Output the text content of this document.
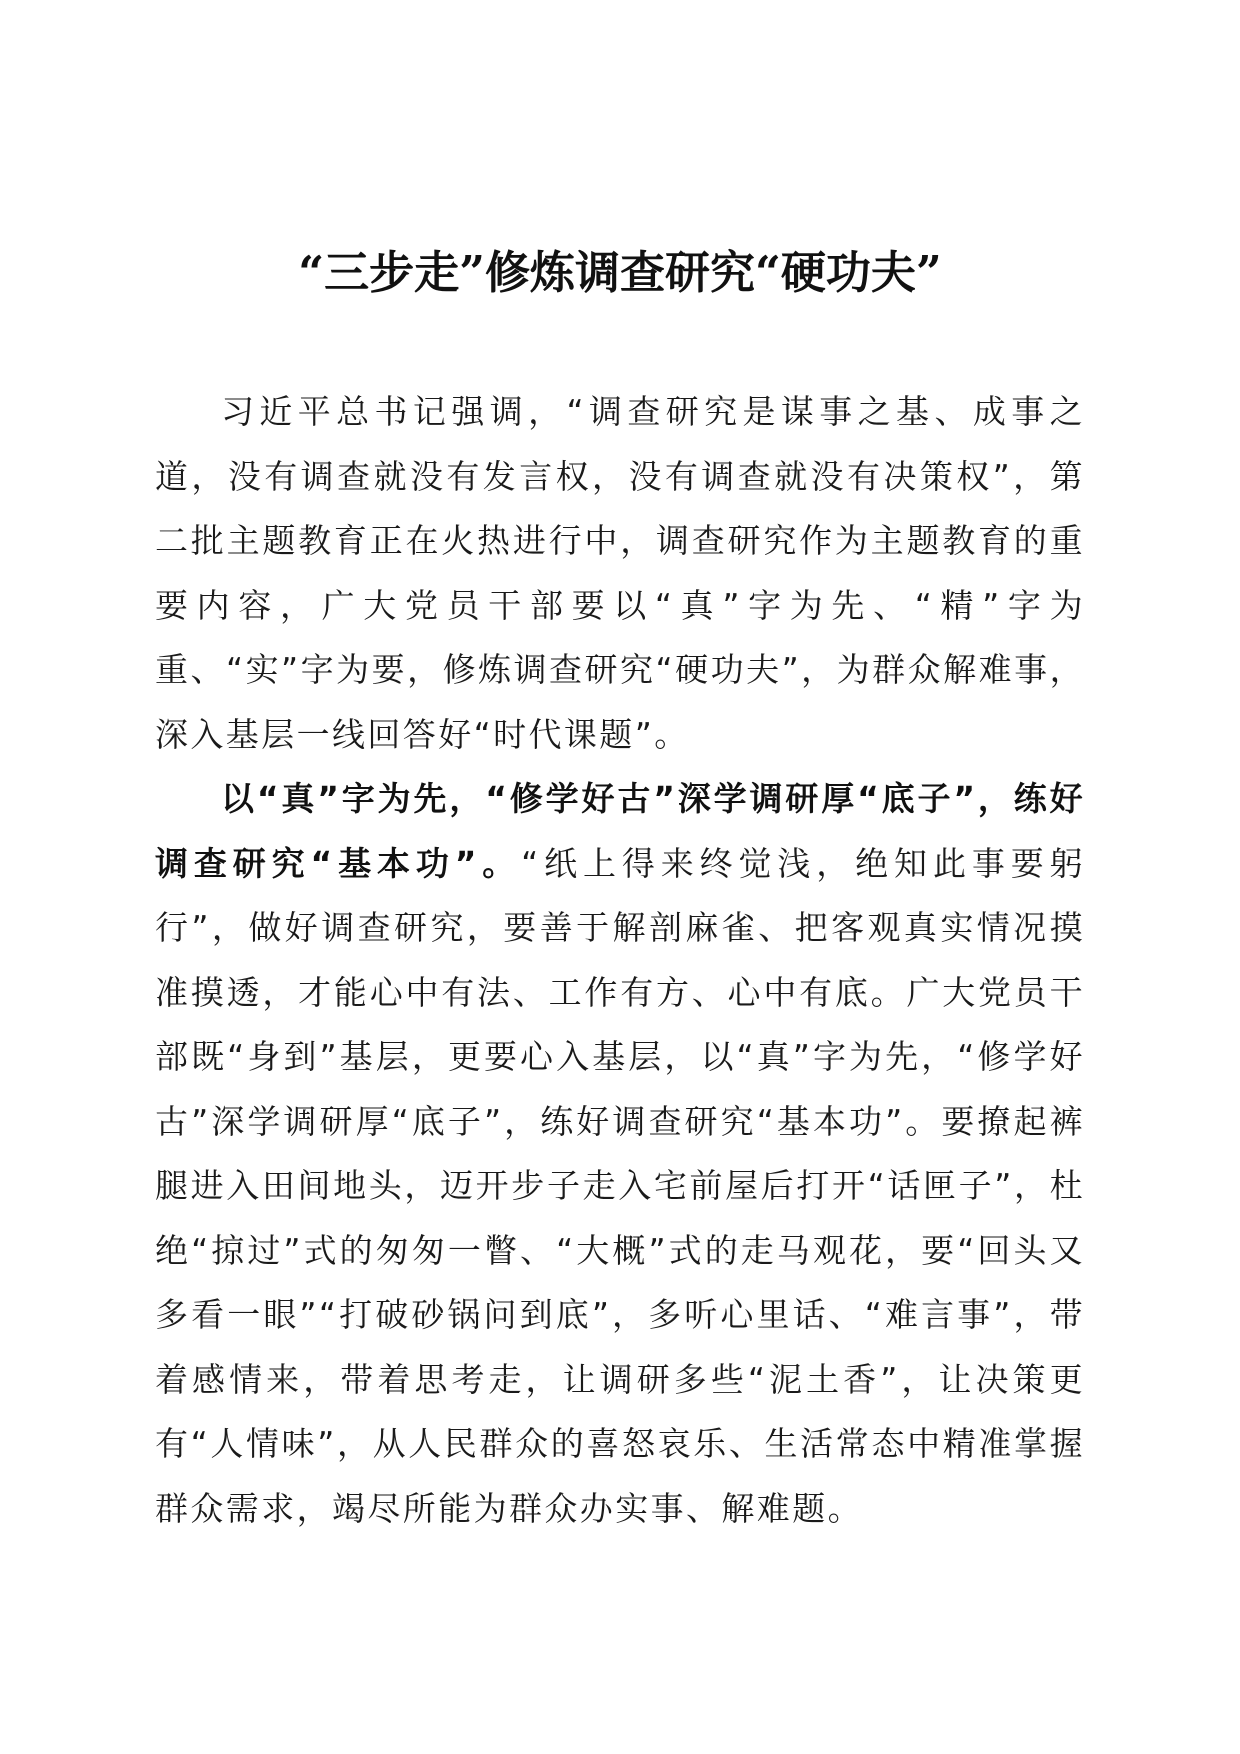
“三步走”修炼调查研究“硬功夫”

习近平总书记强调，“调查研究是谋事之基、成事之道，没有调查就没有发言权，没有调查就没有决策权”，第二批主题教育正在火热进行中，调查研究作为主题教育的重要内容，广大党员干部要以“真”字为先、“精”字为重、“实”字为要，修炼调查研究“硬功夫”，为群众解难事，深入基层一线回答好“时代课题”。

以“真”字为先，“修学好古”深学调研厚“底子”，练好调查研究“基本功”。“纸上得来终觉浅，绝知此事要躬行”，做好调查研究，要善于解剖麻雀、把客观真实情况摸准摸透，才能心中有法、工作有方、心中有底。广大党员干部既“身到”基层，更要心入基层，以“真”字为先，“修学好古”深学调研厚“底子”，练好调查研究“基本功”。要撩起裤腿进入田间地头，迈开步子走入宅前屋后打开“话匣子”，杜绝“掠过”式的匆匆一瞥、“大概”式的走马观花，要“回头又多看一眼”“打破砂锅问到底”，多听心里话、“难言事”，带着感情来，带着思考走，让调研多些“泥土香”，让决策更有“人情味”，从人民群众的喜怒哀乐、生活常态中精准掌握群众需求，竭尽所能为群众办实事、解难题。
